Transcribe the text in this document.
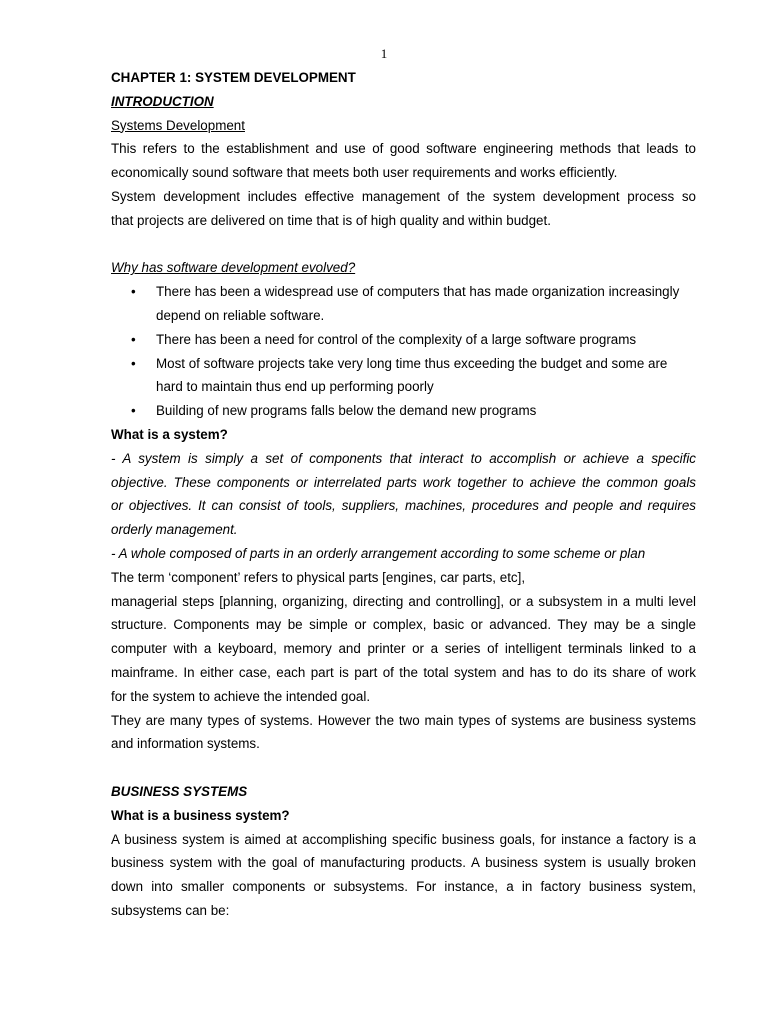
1
CHAPTER 1: SYSTEM DEVELOPMENT
INTRODUCTION
Systems Development
This refers to the establishment and use of good software engineering methods that leads to
economically sound software that meets both user requirements and works efficiently.
System development includes effective management of the system development process so
that projects are delivered on time that is of high quality and within budget.
Why has software development evolved?
• There has been a widespread use of computers that has made organization increasingly
depend on reliable software.
• There has been a need for control of the complexity of a large software programs
• Most of software projects take very long time thus exceeding the budget and some are
hard to maintain thus end up performing poorly
• Building of new programs falls below the demand new programs
What is a system?
- A system is simply a set of components that interact to accomplish or achieve a specific
objective. These components or interrelated parts work together to achieve the common goals
or objectives. It can consist of tools, suppliers, machines, procedures and people and requires
orderly management.
- A whole composed of parts in an orderly arrangement according to some scheme or plan
The term ‘component’ refers to physical parts [engines, car parts, etc],
managerial steps [planning, organizing, directing and controlling], or a subsystem in a multi level
structure. Components may be simple or complex, basic or advanced. They may be a single
computer with a keyboard, memory and printer or a series of intelligent terminals linked to a
mainframe. In either case, each part is part of the total system and has to do its share of work
for the system to achieve the intended goal.
They are many types of systems. However the two main types of systems are business systems
and information systems.
BUSINESS SYSTEMS
What is a business system?
A business system is aimed at accomplishing specific business goals, for instance a factory is a
business system with the goal of manufacturing products. A business system is usually broken
down into smaller components or subsystems. For instance, a in factory business system,
subsystems can be:
